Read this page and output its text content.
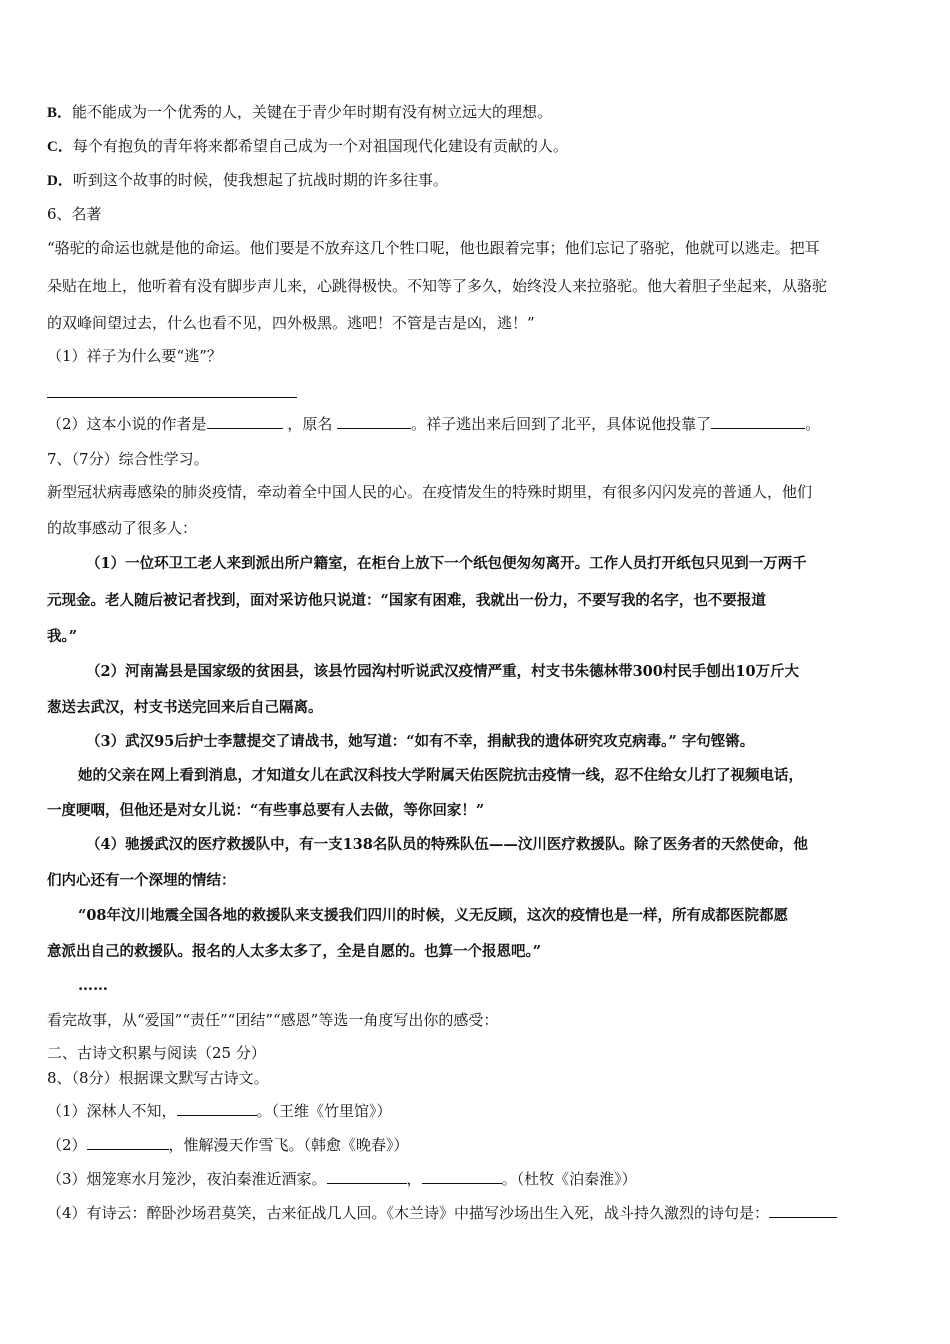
B．能不能成为一个优秀的人，关键在于青少年时期有没有树立远大的理想。
C．每个有抱负的青年将来都希望自己成为一个对祖国现代化建设有贡献的人。
D．听到这个故事的时候，使我想起了抗战时期的许多往事。
6、名著
“骆驼的命运也就是他的命运。他们要是不放弃这几个牲口呢，他也跟着完事；他们忘记了骆驼，他就可以逃走。把耳
朵贴在地上，他听着有没有脚步声儿来，心跳得极快。不知等了多久，始终没人来拉骆驼。他大着胆子坐起来，从骆驼
的双峰间望过去，什么也看不见，四外极黑。逃吧！不管是吉是凶，逃！”
（1）祥子为什么要“逃”？
（2）这本小说的作者是	，原名	。祥子逃出来后回到了北平，具体说他投靠了	。
7、（7分）综合性学习。
新型冠状病毒感染的肺炎疫情，牵动着全中国人民的心。在疫情发生的特殊时期里，有很多闪闪发亮的普通人，他们
的故事感动了很多人：
（1）一位环卫工老人来到派出所户籍室，在柜台上放下一个纸包便匆匆离开。工作人员打开纸包只见到一万两千
元现金。老人随后被记者找到，面对采访他只说道：“国家有困难，我就出一份力，不要写我的名字，也不要报道
我。”
（2）河南嵩县是国家级的贫困县，该县竹园沟村听说武汉疫情严重，村支书朱德林带300村民手刨出10万斤大
葱送去武汉，村支书送完回来后自己隔离。
（3）武汉95后护士李慧提交了请战书，她写道：“如有不幸，捐献我的遗体研究攻克病毒。” 字句铿锵。
她的父亲在网上看到消息，才知道女儿在武汉科技大学附属天佑医院抗击疫情一线，忍不住给女儿打了视频电话，
一度哽咽，但他还是对女儿说：“有些事总要有人去做，等你回家！”
（4）驰援武汉的医疗救援队中，有一支138名队员的特殊队伍——汶川医疗救援队。除了医务者的天然使命，他
们内心还有一个深埋的情结：
“08年汶川地震全国各地的救援队来支援我们四川的时候，义无反顾，这次的疫情也是一样，所有成都医院都愿
意派出自己的救援队。报名的人太多太多了，全是自愿的。也算一个报恩吧。”
……
看完故事，从“爱国”“责任”“团结”“感恩”等选一角度写出你的感受：
二、古诗文积累与阅读（25 分）
8、（8分）根据课文默写古诗文。
（1）深林人不知，	。（王维《竹里馆》）
（2）	，惟解漫天作雪飞。（韩愈《晚春》）
（3）烟笼寒水月笼沙，夜泊秦淮近酒家。	，	。（杜牧《泊秦淮》）
（4）有诗云：醉卧沙场君莫笑，古来征战几人回。《木兰诗》中描写沙场出生入死，战斗持久激烈的诗句是：
